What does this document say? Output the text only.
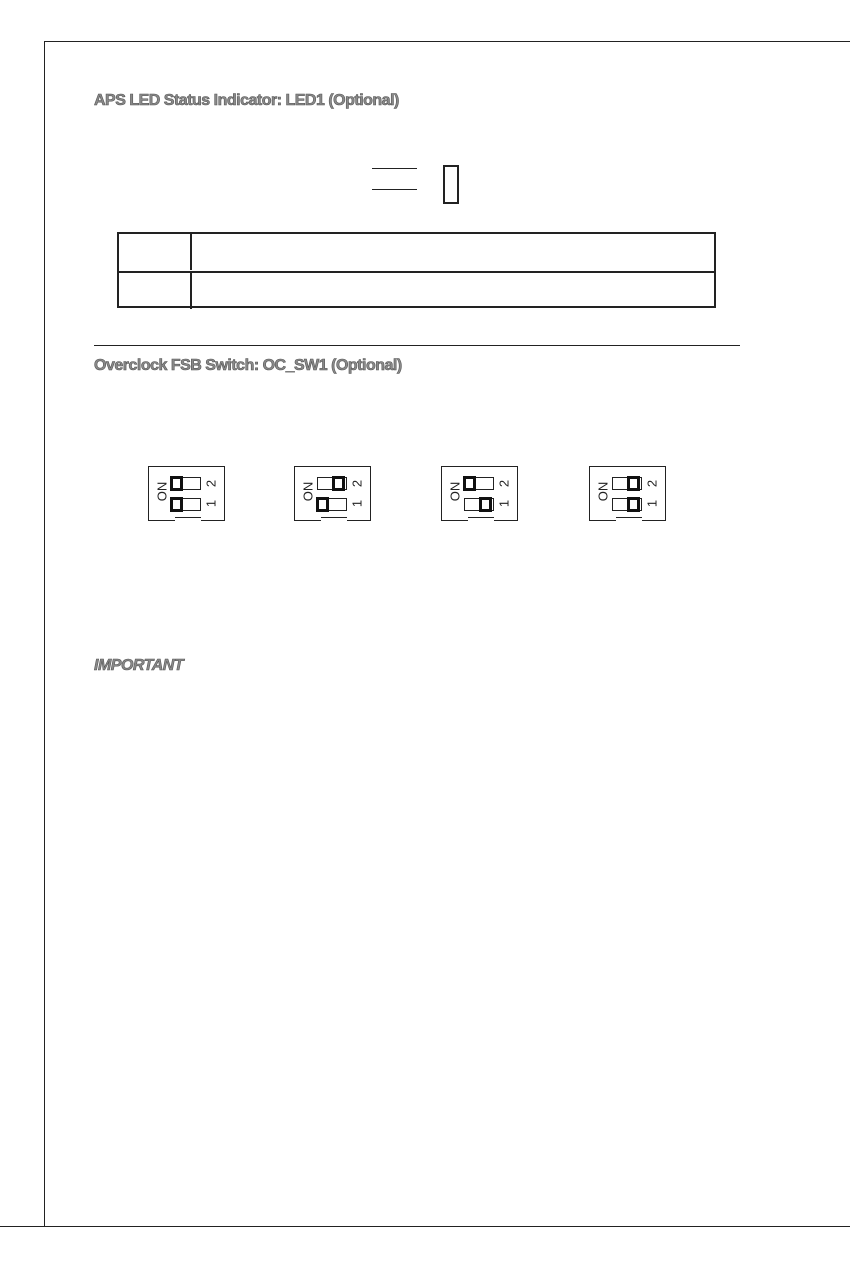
APS LED Status Indicator: LED1 (Optional)
Overclock FSB Switch: OC_SW1 (Optional)
ON	2
1
ON	2
1
ON	2
1
ON	2
1
IMPORTANT
